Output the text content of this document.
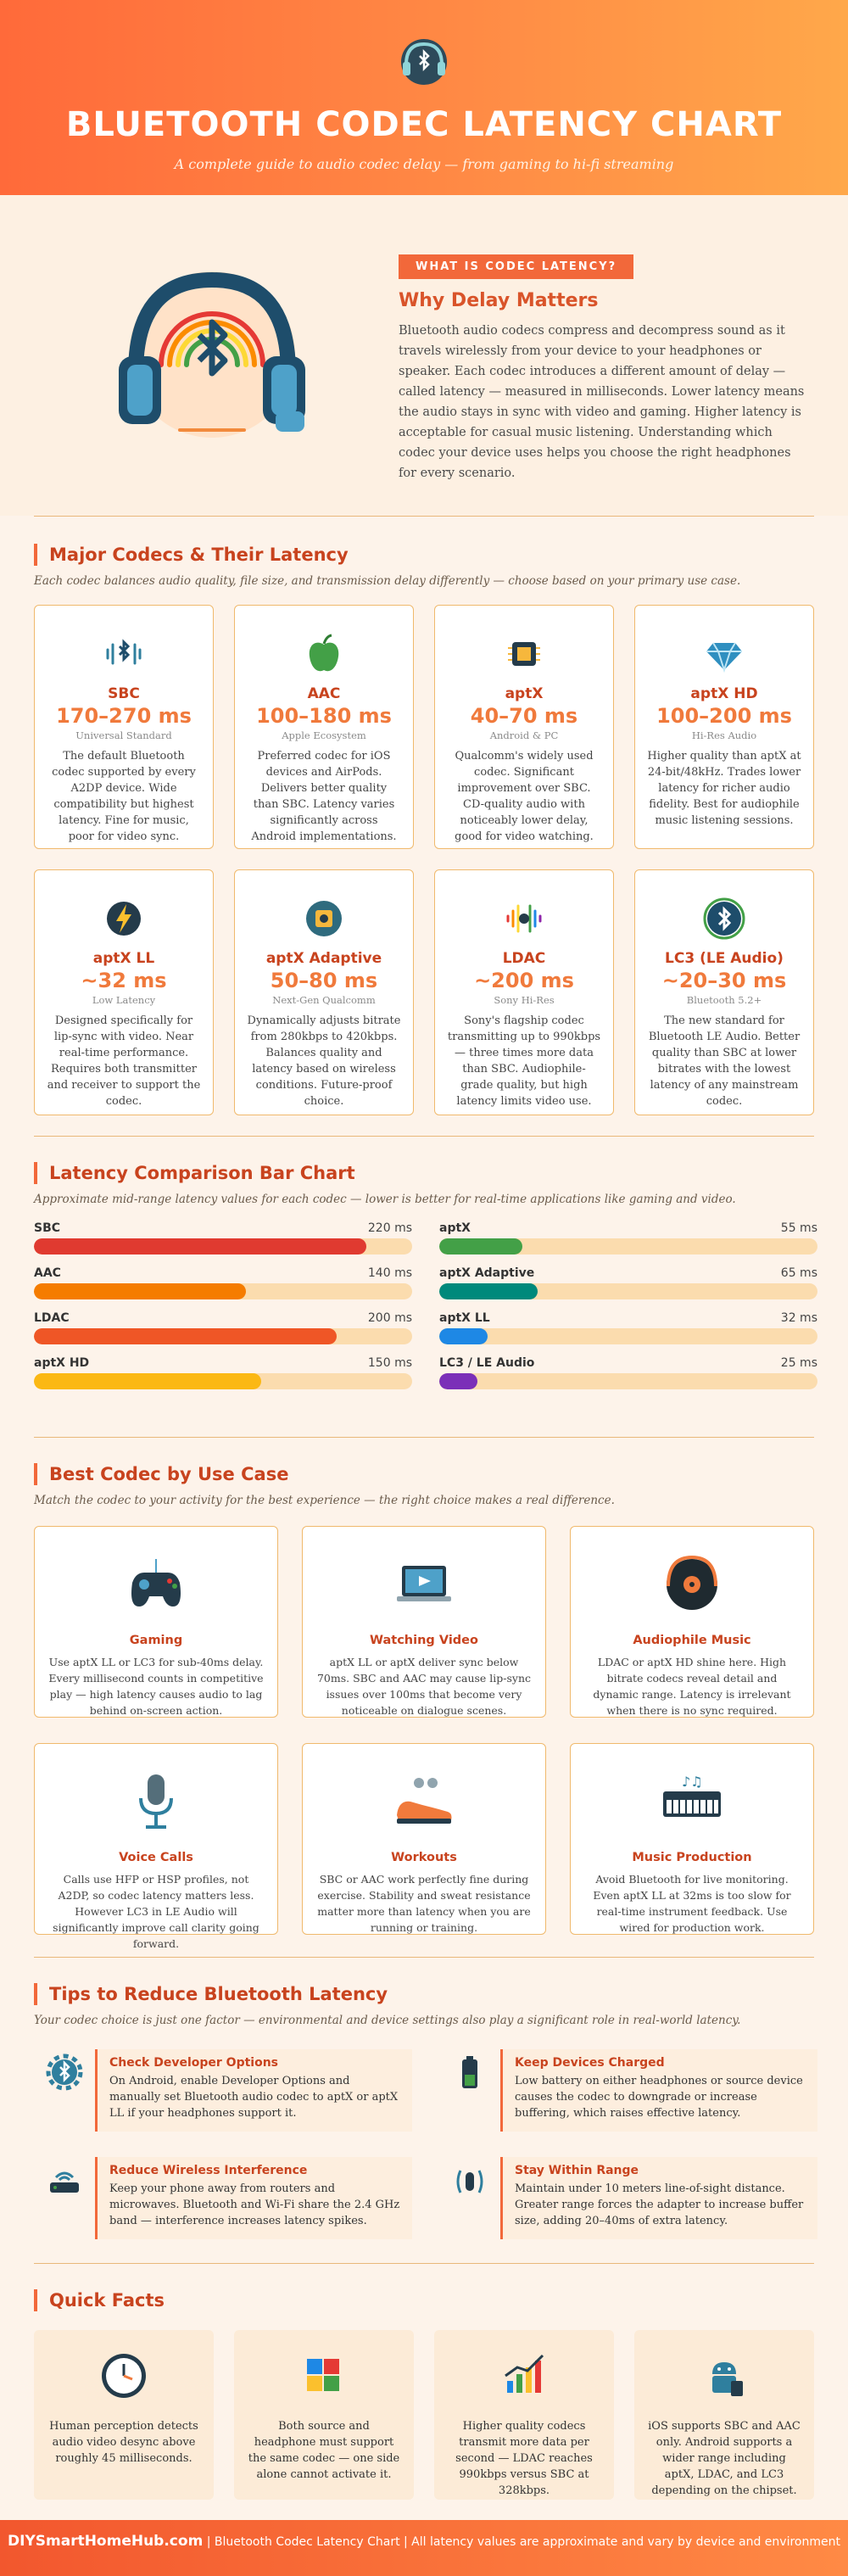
BLUETOOTH CODEC LATENCY CHART
A complete guide to audio codec delay — from gaming to hi-fi streaming
WHAT IS CODEC LATENCY?
Why Delay Matters

Bluetooth audio codecs compress and decompress sound as it travels wirelessly from your device to your headphones or speaker. Each codec introduces a different amount of delay — called latency — measured in milliseconds. Lower latency means the audio stays in sync with video and gaming. Higher latency is acceptable for casual music listening. Understanding which codec your device uses helps you choose the right headphones for every scenario.

Major Codecs & Their Latency
Each codec balances audio quality, file size, and transmission delay differently — choose based on your primary use case.
SBC
170–270 ms
Universal Standard
The default Bluetooth codec supported by every A2DP device. Wide compatibility but highest latency. Fine for music, poor for video sync.
AAC
100–180 ms
Apple Ecosystem
Preferred codec for iOS devices and AirPods. Delivers better quality than SBC. Latency varies significantly across Android implementations.
aptX
40–70 ms
Android & PC
Qualcomm's widely used codec. Significant improvement over SBC. CD-quality audio with noticeably lower delay, good for video watching.
aptX HD
100–200 ms
Hi-Res Audio
Higher quality than aptX at 24-bit/48kHz. Trades lower latency for richer audio fidelity. Best for audiophile music listening sessions.
aptX LL
~32 ms
Low Latency
Designed specifically for lip-sync with video. Near real-time performance. Requires both transmitter and receiver to support the codec.
aptX Adaptive
50–80 ms
Next-Gen Qualcomm
Dynamically adjusts bitrate from 280kbps to 420kbps. Balances quality and latency based on wireless conditions. Future-proof choice.
LDAC
~200 ms
Sony Hi-Res
Sony's flagship codec transmitting up to 990kbps — three times more data than SBC. Audiophile-grade quality, but high latency limits video use.
LC3 (LE Audio)
~20–30 ms
Bluetooth 5.2+
The new standard for Bluetooth LE Audio. Better quality than SBC at lower bitrates with the lowest latency of any mainstream codec.
Latency Comparison Bar Chart
Approximate mid-range latency values for each codec — lower is better for real-time applications like gaming and video.
SBC	220 ms aptX	55 ms
AAC	140 ms aptX Adaptive	65 ms
LDAC	200 ms aptX LL	32 ms
aptX HD	150 ms LC3 / LE Audio	25 ms
Best Codec by Use Case
Match the codec to your activity for the best experience — the right choice makes a real difference.
Gaming
Use aptX LL or LC3 for sub-40ms delay. Every millisecond counts in competitive play — high latency causes audio to lag behind on-screen action.
Watching Video
aptX LL or aptX deliver sync below 70ms. SBC and AAC may cause lip-sync issues over 100ms that become very noticeable on dialogue scenes.
Audiophile Music
LDAC or aptX HD shine here. High bitrate codecs reveal detail and dynamic range. Latency is irrelevant when there is no sync required.
Voice Calls
Calls use HFP or HSP profiles, not A2DP, so codec latency matters less. However LC3 in LE Audio will significantly improve call clarity going forward.
Workouts
SBC or AAC work perfectly fine during exercise. Stability and sweat resistance matter more than latency when you are running or training.
♪♫
Music Production
Avoid Bluetooth for live monitoring. Even aptX LL at 32ms is too slow for real-time instrument feedback. Use wired for production work.
Tips to Reduce Bluetooth Latency
Your codec choice is just one factor — environmental and device settings also play a significant role in real-world latency.
Check Developer Options
On Android, enable Developer Options and manually set Bluetooth audio codec to aptX or aptX LL if your headphones support it.
Keep Devices Charged
Low battery on either headphones or source device causes the codec to downgrade or increase buffering, which raises effective latency.
Reduce Wireless Interference
Keep your phone away from routers and microwaves. Bluetooth and Wi-Fi share the 2.4 GHz band — interference increases latency spikes.
Stay Within Range
Maintain under 10 meters line-of-sight distance. Greater range forces the adapter to increase buffer size, adding 20–40ms of extra latency.
Quick Facts
Human perception detects audio video desync above roughly 45 milliseconds.
Both source and headphone must support the same codec — one side alone cannot activate it.
Higher quality codecs transmit more data per second — LDAC reaches 990kbps versus SBC at 328kbps.
iOS supports SBC and AAC only. Android supports a wider range including aptX, LDAC, and LC3 depending on the chipset.
DIYSmartHomeHub.com | Bluetooth Codec Latency Chart | All latency values are approximate and vary by device and environment
